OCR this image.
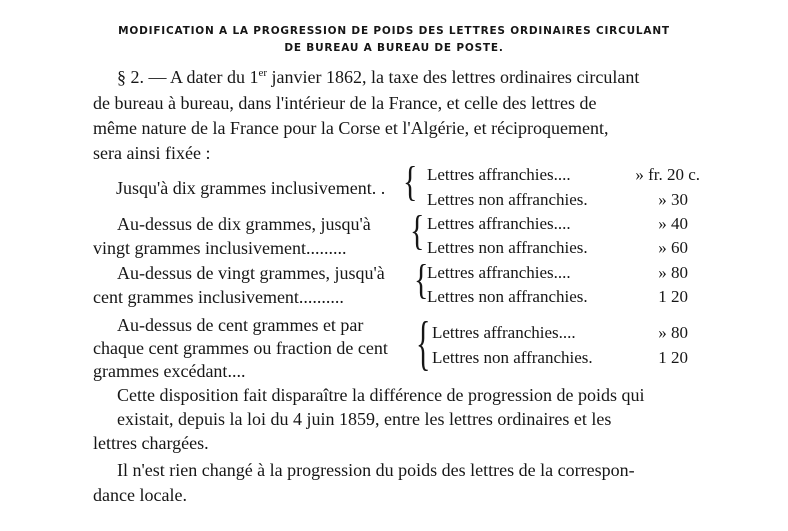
MODIFICATION A LA PROGRESSION DE POIDS DES LETTRES ORDINAIRES CIRCULANT
DE BUREAU A BUREAU DE POSTE.
§ 2. — A dater du 1er janvier 1862, la taxe des lettres ordinaires circulant
de bureau à bureau, dans l'intérieur de la France, et celle des lettres de
même nature de la France pour la Corse et l'Algérie, et réciproquement,
sera ainsi fixée :
Jusqu'à dix grammes inclusivement. . { Lettres affranchies....	» fr. 20 c.
Lettres non affranchies.	» 30
Au-dessus de dix grammes, jusqu'à
vingt grammes inclusivement......... { Lettres affranchies....	» 40
Lettres non affranchies.	» 60
Au-dessus de vingt grammes, jusqu'à
cent grammes inclusivement.......... {
Lettres affranchies....	» 80
Lettres non affranchies.	1 20
Au-dessus de cent grammes et par
chaque cent grammes ou fraction de cent
grammes excédant....	{ Lettres affranchies....	» 80
Lettres non affranchies.	1 20
Cette disposition fait disparaître la différence de progression de poids qui
existait, depuis la loi du 4 juin 1859, entre les lettres ordinaires et les
lettres chargées.
Il n'est rien changé à la progression du poids des lettres de la correspon-
dance locale.
